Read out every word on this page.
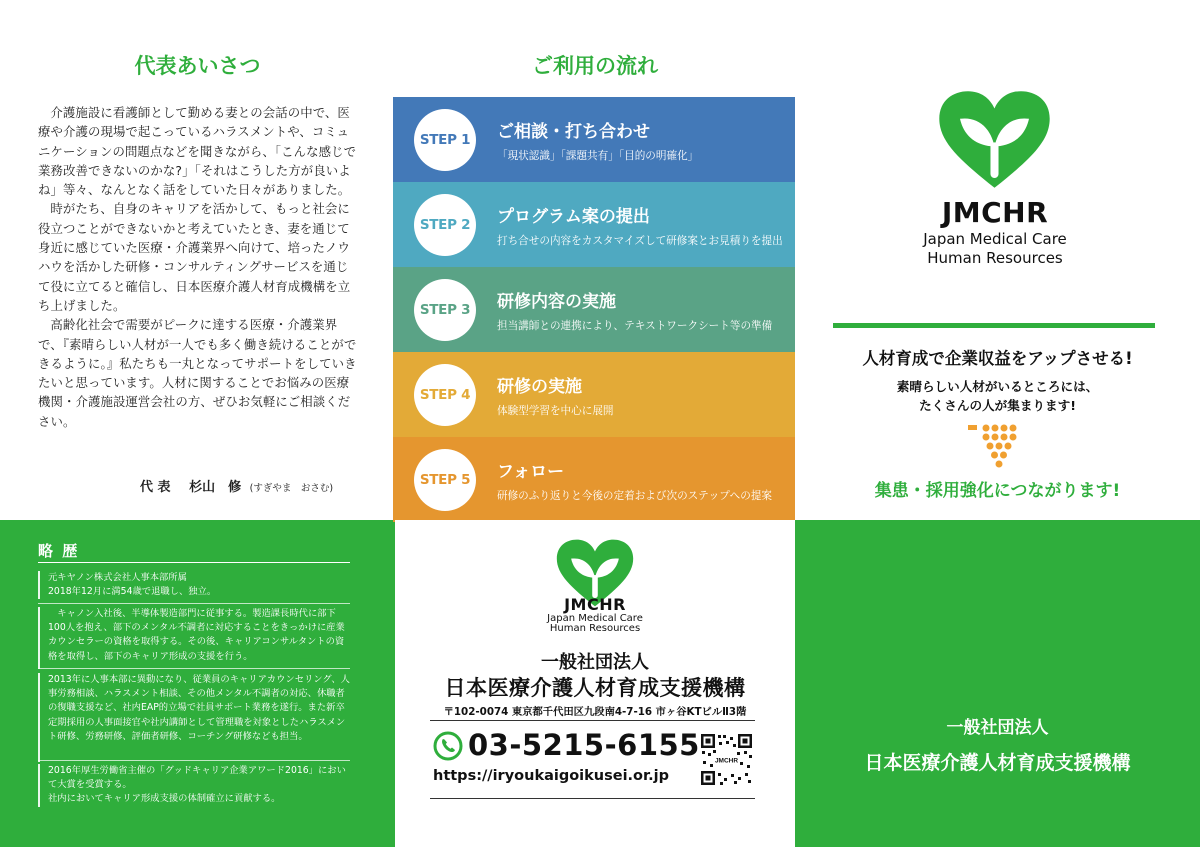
代表あいさつ

介護施設に看護師として勤める妻との会話の中で、医療や介護の現場で起こっているハラスメントや、コミュニケーションの問題点などを聞きながら、「こんな感じで業務改善できないのかな?」「それはこうした方が良いよね」等々、なんとなく話をしていた日々がありました。

時がたち、自身のキャリアを活かして、もっと社会に役立つことができないかと考えていたとき、妻を通じて身近に感じていた医療・介護業界へ向けて、培ったノウハウを活かした研修・コンサルティングサービスを通じて役に立てると確信し、日本医療介護人材育成機構を立ち上げました。

高齢化社会で需要がピークに達する医療・介護業界で、『素晴らしい人材が一人でも多く働き続けることができるように。』私たちも一丸となってサポートをしていきたいと思っています。人材に関することでお悩みの医療機関・介護施設運営会社の方、ぜひお気軽にご相談ください。

代 表 杉山　修 (すぎやま　おさむ)
略 歴
元キヤノン株式会社人事本部所属
2018年12月に満54歳で退職し、独立。
　キャノン入社後、半導体製造部門に従事する。製造課長時代に部下100人を抱え、部下のメンタル不調者に対応することをきっかけに産業カウンセラーの資格を取得する。その後、キャリアコンサルタントの資格を取得し、部下のキャリア形成の支援を行う。
2013年に人事本部に異動になり、従業員のキャリアカウンセリング、人事労務相談、ハラスメント相談、その他メンタル不調者の対応、休職者の復職支援など、社内EAP的立場で社員サポート業務を遂行。また新卒定期採用の人事面接官や社内講師として管理職を対象としたハラスメント研修、労務研修、評価者研修、コーチング研修なども担当。
2016年厚生労働省主催の「グッドキャリア企業アワード2016」において大賞を受賞する。
社内においてキャリア形成支援の体制確立に貢献する。
ご利用の流れ
STEP 1	ご相談・打ち合わせ
「現状認識」「課題共有」「目的の明確化」
STEP 2	プログラム案の提出
打ち合せの内容をカスタマイズして研修案とお見積りを提出
STEP 3	研修内容の実施
担当講師との連携により、テキストワークシート等の準備
STEP 4	研修の実施
体験型学習を中心に展開
STEP 5	フォロー
研修のふり返りと今後の定着および次のステップへの提案
JMCHR
Japan Medical Care
Human Resources
一般社団法人
日本医療介護人材育成支援機構
〒102-0074 東京都千代田区九段南4-7-16 市ヶ谷KTビルⅡ3階
03-5215-6155
https://iryoukaigoikusei.or.jp
JMCHR
JMCHR
Japan Medical Care
Human Resources
人材育成で企業収益をアップさせる!
素晴らしい人材がいるところには、
たくさんの人が集まります!
集患・採用強化につながります!
一般社団法人
日本医療介護人材育成支援機構
